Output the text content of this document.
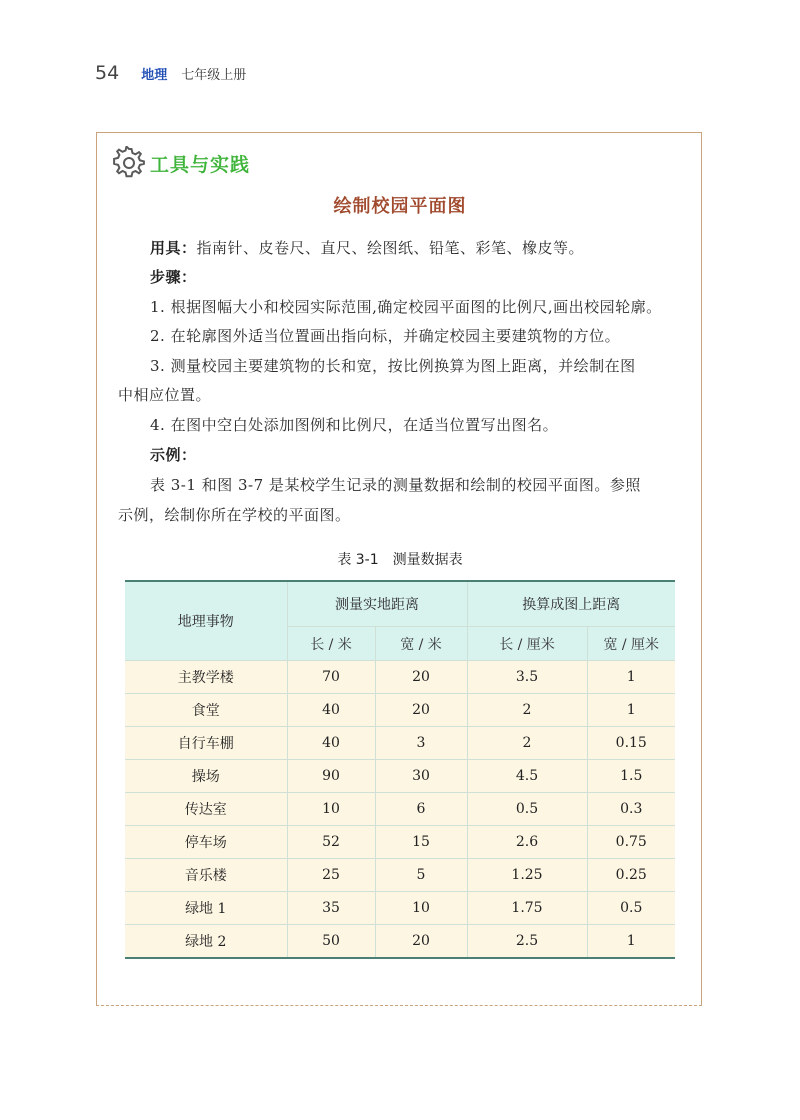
54 地理 七年级上册
工具与实践
绘制校园平面图
用具：指南针、皮卷尺、直尺、绘图纸、铅笔、彩笔、橡皮等。
步骤：
1. 根据图幅大小和校园实际范围,确定校园平面图的比例尺,画出校园轮廓。
2. 在轮廓图外适当位置画出指向标，并确定校园主要建筑物的方位。
3. 测量校园主要建筑物的长和宽，按比例换算为图上距离，并绘制在图
中相应位置。
4. 在图中空白处添加图例和比例尺，在适当位置写出图名。
示例：
表 3-1 和图 3-7 是某校学生记录的测量数据和绘制的校园平面图。参照
示例，绘制你所在学校的平面图。
表 3-1　测量数据表
地理事物	测量实地距离		换算成图上距离	
	长 / 米	宽 / 米	长 / 厘米	宽 / 厘米
主教学楼	70	20	3.5	1
食堂	40	20	2	1
自行车棚	40	3	2	0.15
操场	90	30	4.5	1.5
传达室	10	6	0.5	0.3
停车场	52	15	2.6	0.75
音乐楼	25	5	1.25	0.25
绿地 1	35	10	1.75	0.5
绿地 2	50	20	2.5	1
